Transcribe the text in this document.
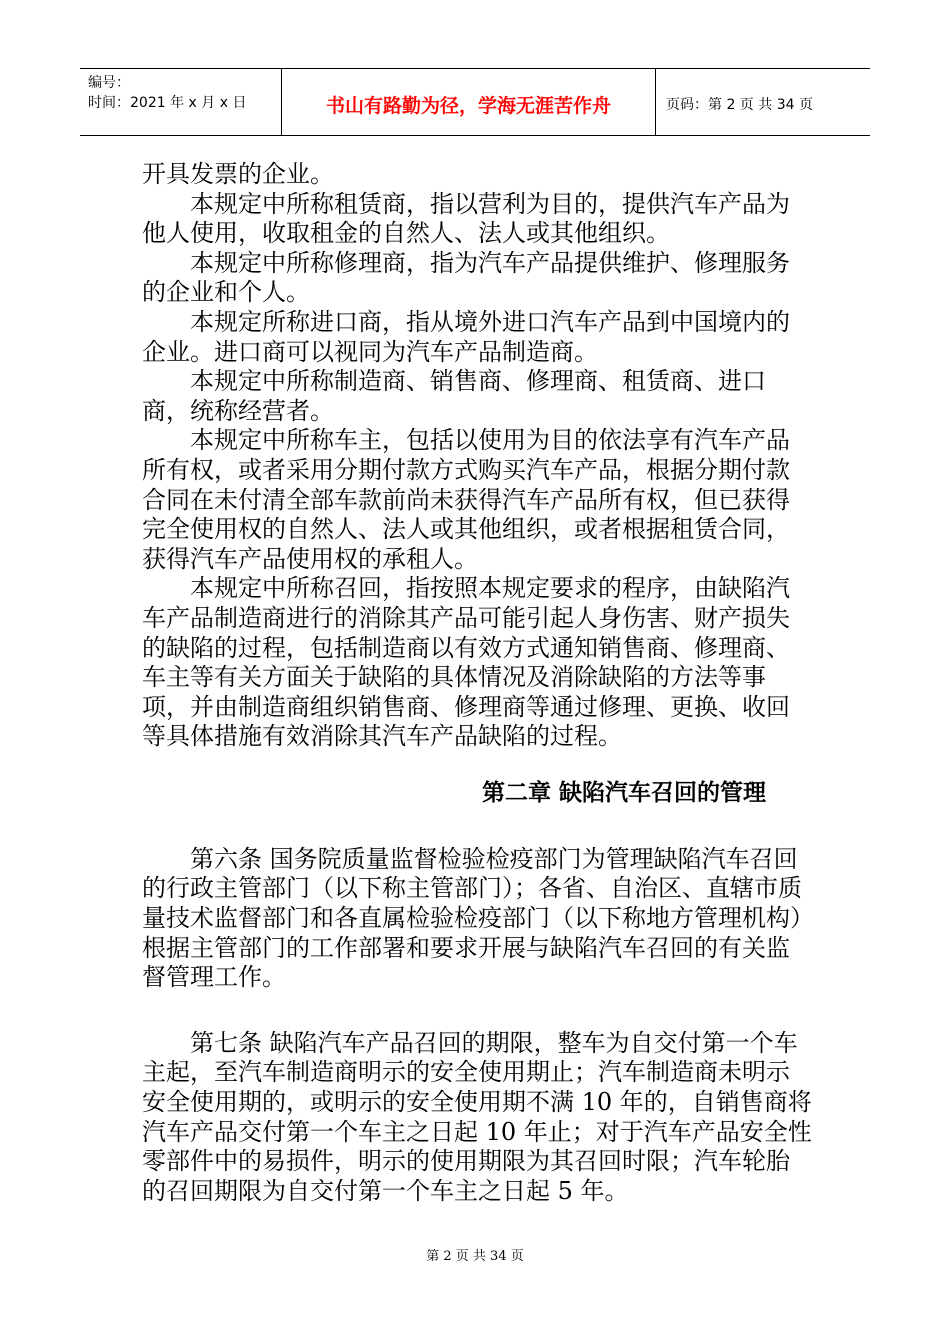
编号：
时间：2021 年 x 月 x 日	书山有路勤为径，学海无涯苦作舟	页码：第 2 页 共 34 页

开具发票的企业。

本规定中所称租赁商，指以营利为目的，提供汽车产品为他人使用，收取租金的自然人、法人或其他组织。

本规定中所称修理商，指为汽车产品提供维护、修理服务的企业和个人。

本规定所称进口商，指从境外进口汽车产品到中国境内的企业。进口商可以视同为汽车产品制造商。

本规定中所称制造商、销售商、修理商、租赁商、进口商，统称经营者。

本规定中所称车主，包括以使用为目的依法享有汽车产品所有权，或者采用分期付款方式购买汽车产品，根据分期付款合同在未付清全部车款前尚未获得汽车产品所有权，但已获得完全使用权的自然人、法人或其他组织，或者根据租赁合同，获得汽车产品使用权的承租人。

本规定中所称召回，指按照本规定要求的程序，由缺陷汽车产品制造商进行的消除其产品可能引起人身伤害、财产损失的缺陷的过程，包括制造商以有效方式通知销售商、修理商、车主等有关方面关于缺陷的具体情况及消除缺陷的方法等事项，并由制造商组织销售商、修理商等通过修理、更换、收回等具体措施有效消除其汽车产品缺陷的过程。

第二章 缺陷汽车召回的管理

第六条 国务院质量监督检验检疫部门为管理缺陷汽车召回的行政主管部门（以下称主管部门）；各省、自治区、直辖市质量技术监督部门和各直属检验检疫部门（以下称地方管理机构）根据主管部门的工作部署和要求开展与缺陷汽车召回的有关监督管理工作。

第七条 缺陷汽车产品召回的期限，整车为自交付第一个车主起，至汽车制造商明示的安全使用期止；汽车制造商未明示安全使用期的，或明示的安全使用期不满 10 年的，自销售商将汽车产品交付第一个车主之日起 10 年止；对于汽车产品安全性零部件中的易损件，明示的使用期限为其召回时限；汽车轮胎的召回期限为自交付第一个车主之日起 5 年。

第 2 页 共 34 页
